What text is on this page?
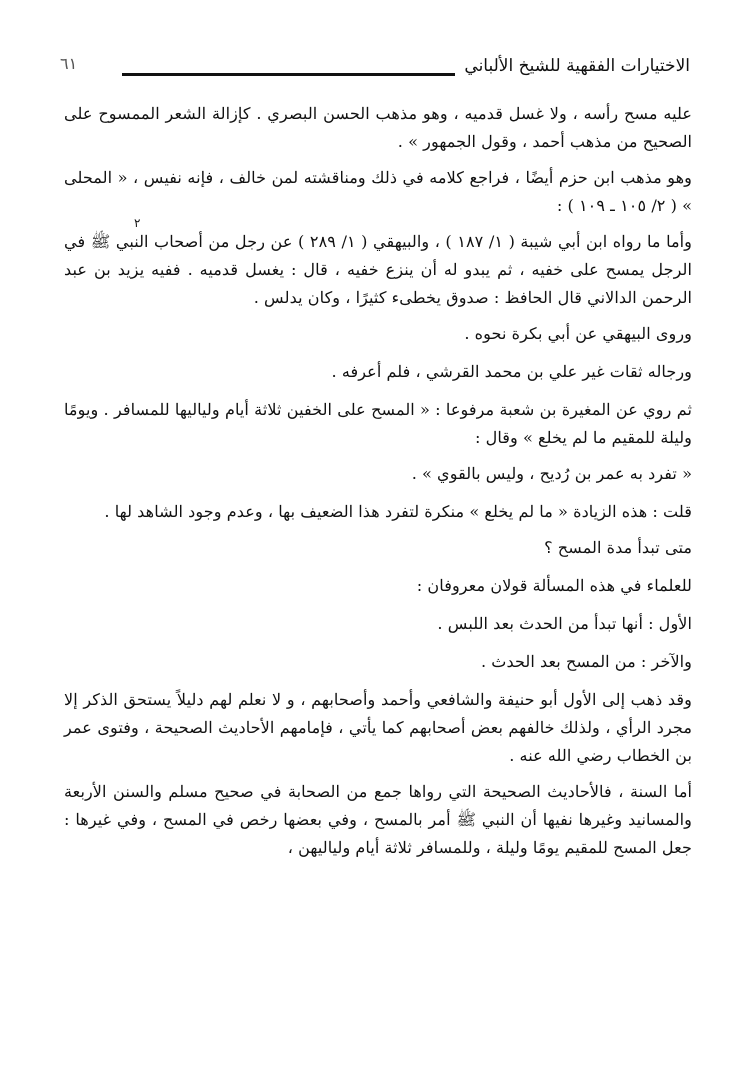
٦١	الاختيارات الفقهية للشيخ الألباني
٢

عليه مسح رأسه ، ولا غسل قدميه ، وهو مذهب الحسن البصري . كإزالة الشعر الممسوح على الصحيح من مذهب أحمد ، وقول الجمهور » .

وهو مذهب ابن حزم أيضًا ، فراجع كلامه في ذلك ومناقشته لمن خالف ، فإنه نفيس ، « المحلى » ( ٢/ ١٠٥ ـ ١٠٩ ) :

وأما ما رواه ابن أبي شيبة ( ١/ ١٨٧ ) ، والبيهقي ( ١/ ٢٨٩ ) عن رجل من أصحاب النبي ﷺ في الرجل يمسح على خفيه ، ثم يبدو له أن ينزع خفيه ، قال : يغسل قدميه . ففيه يزيد بن عبد الرحمن الدالاني قال الحافظ : صدوق يخطىء كثيرًا ، وكان يدلس .

وروى البيهقي عن أبي بكرة نحوه .

ورجاله ثقات غير علي بن محمد القرشي ، فلم أعرفه .

ثم روي عن المغيرة بن شعبة مرفوعا : « المسح على الخفين ثلاثة أيام ولياليها للمسافر . ويومًا وليلة للمقيم ما لم يخلع » وقال :

« تفرد به عمر بن رُديح ، وليس بالقوي » .

قلت : هذه الزيادة « ما لم يخلع » منكرة لتفرد هذا الضعيف بها ، وعدم وجود الشاهد لها .

متى تبدأ مدة المسح ؟

للعلماء في هذه المسألة قولان معروفان :

الأول : أنها تبدأ من الحدث بعد اللبس .

والآخر : من المسح بعد الحدث .

وقد ذهب إلى الأول أبو حنيفة والشافعي وأحمد وأصحابهم ، و لا نعلم لهم دليلاً يستحق الذكر إلا مجرد الرأي ، ولذلك خالفهم بعض أصحابهم كما يأتي ، فإمامهم الأحاديث الصحيحة ، وفتوى عمر بن الخطاب رضي الله عنه .

أما السنة ، فالأحاديث الصحيحة التي رواها جمع من الصحابة في صحيح مسلم والسنن الأربعة والمسانيد وغيرها نفيها أن النبي ﷺ أمر بالمسح ، وفي بعضها رخص في المسح ، وفي غيرها : جعل المسح للمقيم يومًا وليلة ، وللمسافر ثلاثة أيام ولياليهن ،
